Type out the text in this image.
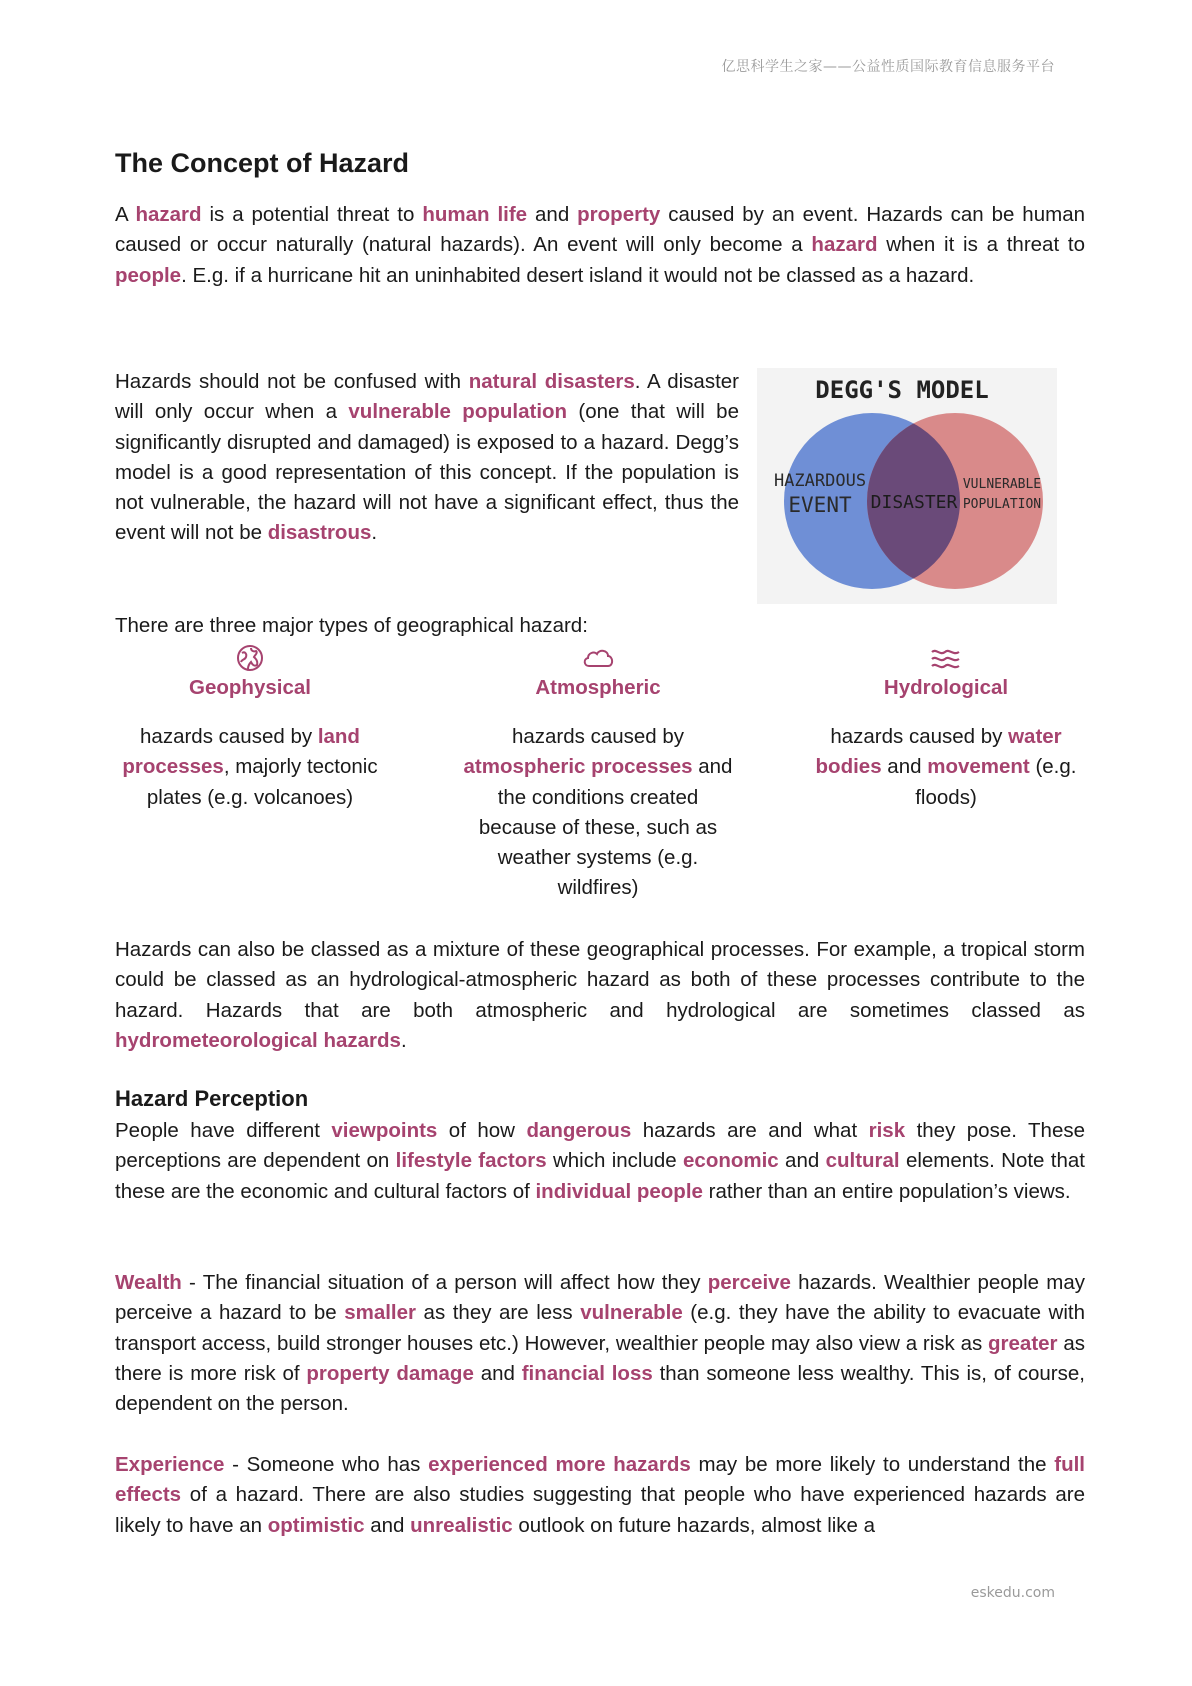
亿思科学生之家——公益性质国际教育信息服务平台
The Concept of Hazard

A hazard is a potential threat to human life and property caused by an event. Hazards can be human caused or occur naturally (natural hazards). An event will only become a hazard when it is a threat to people. E.g. if a hurricane hit an uninhabited desert island it would not be classed as a hazard.

Hazards should not be confused with natural disasters. A disaster will only occur when a vulnerable population (one that will be significantly disrupted and damaged) is exposed to a hazard. Degg’s model is a good representation of this concept. If the population is not vulnerable, the hazard will not have a significant effect, thus the event will not be disastrous.

DEGG'S MODEL
HAZARDOUS
EVENT DISASTER
VULNERABLE
POPULATION

There are three major types of geographical hazard:

Geophysical

hazards caused by land processes, majorly tectonic plates (e.g. volcanoes)

Atmospheric

hazards caused by atmospheric processes and the conditions created because of these, such as weather systems (e.g. wildfires)

Hydrological

hazards caused by water bodies and movement (e.g. floods)

Hazards can also be classed as a mixture of these geographical processes. For example, a tropical storm could be classed as an hydrological-atmospheric hazard as both of these processes contribute to the hazard. Hazards that are both atmospheric and hydrological are sometimes classed as hydrometeorological hazards.

Hazard Perception

People have different viewpoints of how dangerous hazards are and what risk they pose. These perceptions are dependent on lifestyle factors which include economic and cultural elements. Note that these are the economic and cultural factors of individual people rather than an entire population’s views.

Wealth - The financial situation of a person will affect how they perceive hazards. Wealthier people may perceive a hazard to be smaller as they are less vulnerable (e.g. they have the ability to evacuate with transport access, build stronger houses etc.) However, wealthier people may also view a risk as greater as there is more risk of property damage and financial loss than someone less wealthy. This is, of course, dependent on the person.

Experience - Someone who has experienced more hazards may be more likely to understand the full effects of a hazard. There are also studies suggesting that people who have experienced hazards are likely to have an optimistic and unrealistic outlook on future hazards, almost like a

eskedu.com
